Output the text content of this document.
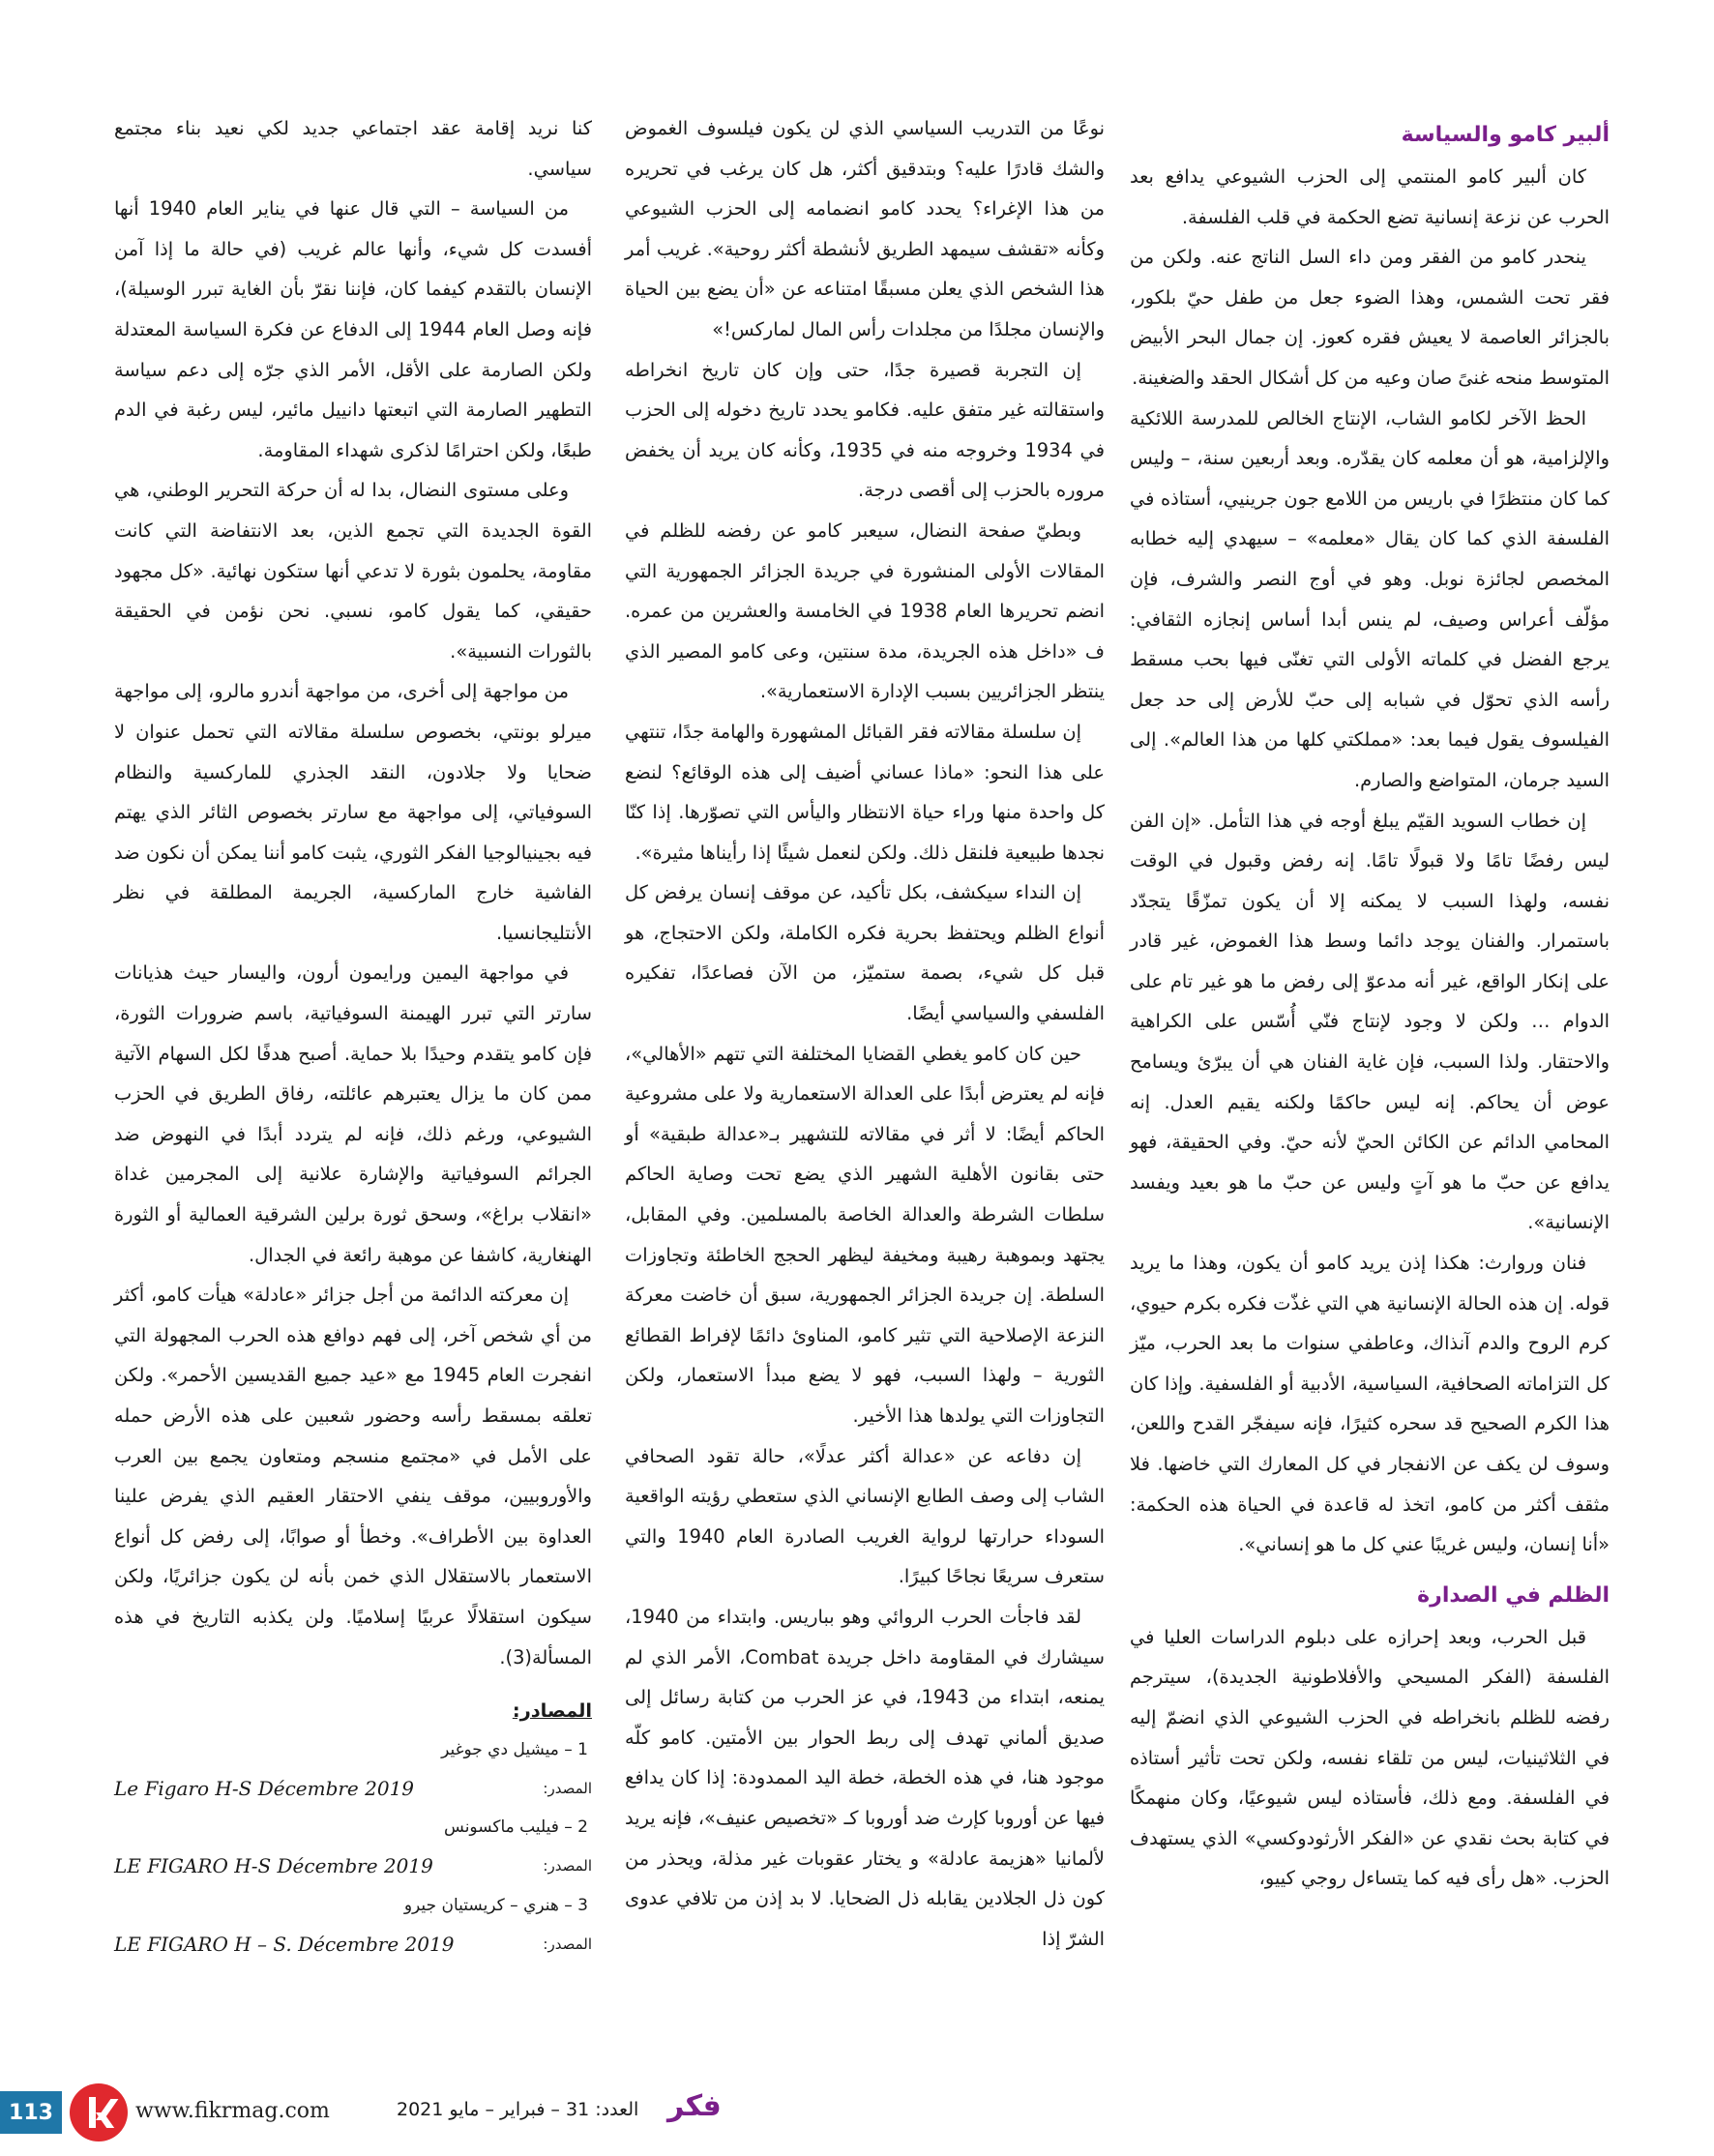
ألبير كامو والسياسة

كان ألبير كامو المنتمي إلى الحزب الشيوعي يدافع بعد الحرب عن نزعة إنسانية تضع الحكمة في قلب الفلسفة.

ينحدر كامو من الفقر ومن داء السل الناتج عنه. ولكن من فقر تحت الشمس، وهذا الضوء جعل من طفل حيّ بلكور، بالجزائر العاصمة لا يعيش فقره كعوز. إن جمال البحر الأبيض المتوسط منحه غنىً صان وعيه من كل أشكال الحقد والضغينة.

الحظ الآخر لكامو الشاب، الإنتاج الخالص للمدرسة اللائكية والإلزامية، هو أن معلمه كان يقدّره. وبعد أربعين سنة، – وليس كما كان منتظرًا في باريس من اللامع جون جرينيي، أستاذه في الفلسفة الذي كما كان يقال «معلمه» – سيهدي إليه خطابه المخصص لجائزة نوبل. وهو في أوج النصر والشرف، فإن مؤلّف أعراس وصيف، لم ينس أبدا أساس إنجازه الثقافي: يرجع الفضل في كلماته الأولى التي تغنّى فيها بحب مسقط رأسه الذي تحوّل في شبابه إلى حبّ للأرض إلى حد جعل الفيلسوف يقول فيما بعد: «مملكتي كلها من هذا العالم». إلى السيد جرمان، المتواضع والصارم.

إن خطاب السويد القيّم يبلغ أوجه في هذا التأمل. «إن الفن ليس رفضًا تامًا ولا قبولًا تامًا. إنه رفض وقبول في الوقت نفسه، ولهذا السبب لا يمكنه إلا أن يكون تمزّقًا يتجدّد باستمرار. والفنان يوجد دائما وسط هذا الغموض، غير قادر على إنكار الواقع، غير أنه مدعوّ إلى رفض ما هو غير تام على الدوام … ولكن لا وجود لإنتاج فنّي أُسّس على الكراهية والاحتقار. ولذا السبب، فإن غاية الفنان هي أن يبرّئ ويسامح عوض أن يحاكم. إنه ليس حاكمًا ولكنه يقيم العدل. إنه المحامي الدائم عن الكائن الحيّ لأنه حيّ. وفي الحقيقة، فهو يدافع عن حبّ ما هو آتٍ وليس عن حبّ ما هو بعيد ويفسد الإنسانية».

فنان وروارث: هكذا إذن يريد كامو أن يكون، وهذا ما يريد قوله. إن هذه الحالة الإنسانية هي التي غذّت فكره بكرم حيوي، كرم الروح والدم آنذاك، وعاطفي سنوات ما بعد الحرب، ميّز كل التزاماته الصحافية، السياسية، الأدبية أو الفلسفية. وإذا كان هذا الكرم الصحيح قد سحره كثيرًا، فإنه سيفجّر القدح واللعن، وسوف لن يكف عن الانفجار في كل المعارك التي خاضها. فلا مثقف أكثر من كامو، اتخذ له قاعدة في الحياة هذه الحكمة: «أنا إنسان، وليس غريبًا عني كل ما هو إنساني».

الظلم في الصدارة

قبل الحرب، وبعد إحرازه على دبلوم الدراسات العليا في الفلسفة (الفكر المسيحي والأفلاطونية الجديدة)، سيترجم رفضه للظلم بانخراطه في الحزب الشيوعي الذي انضمّ إليه في الثلاثينيات، ليس من تلقاء نفسه، ولكن تحت تأثير أستاذه في الفلسفة. ومع ذلك، فأستاذه ليس شيوعيًا، وكان منهمكًا في كتابة بحث نقدي عن «الفكر الأرثودوكسي» الذي يستهدف الحزب. «هل رأى فيه كما يتساءل روجي كييو،

نوعًا من التدريب السياسي الذي لن يكون فيلسوف الغموض والشك قادرًا عليه؟ وبتدقيق أكثر، هل كان يرغب في تحريره من هذا الإغراء؟ يحدد كامو انضمامه إلى الحزب الشيوعي وكأنه «تقشف سيمهد الطريق لأنشطة أكثر روحية». غريب أمر هذا الشخص الذي يعلن مسبقًا امتناعه عن «أن يضع بين الحياة والإنسان مجلدًا من مجلدات رأس المال لماركس!»

إن التجربة قصيرة جدًا، حتى وإن كان تاريخ انخراطه واستقالته غير متفق عليه. فكامو يحدد تاريخ دخوله إلى الحزب في 1934 وخروجه منه في 1935، وكأنه كان يريد أن يخفض مروره بالحزب إلى أقصى درجة.

وبطيّ صفحة النضال، سيعبر كامو عن رفضه للظلم في المقالات الأولى المنشورة في جريدة الجزائر الجمهورية التي انضم تحريرها العام 1938 في الخامسة والعشرين من عمره. ف «داخل هذه الجريدة، مدة سنتين، وعى كامو المصير الذي ينتظر الجزائريين بسبب الإدارة الاستعمارية».

إن سلسلة مقالاته فقر القبائل المشهورة والهامة جدًا، تنتهي على هذا النحو: «ماذا عساني أضيف إلى هذه الوقائع؟ لنضع كل واحدة منها وراء حياة الانتظار واليأس التي تصوّرها. إذا كنّا نجدها طبيعية فلنقل ذلك. ولكن لنعمل شيئًا إذا رأيناها مثيرة».

إن النداء سيكشف، بكل تأكيد، عن موقف إنسان يرفض كل أنواع الظلم ويحتفظ بحرية فكره الكاملة، ولكن الاحتجاج، هو قبل كل شيء، بصمة ستميّز، من الآن فصاعدًا، تفكيره الفلسفي والسياسي أيضًا.

حين كان كامو يغطي القضايا المختلفة التي تتهم «الأهالي»، فإنه لم يعترض أبدًا على العدالة الاستعمارية ولا على مشروعية الحاكم أيضًا: لا أثر في مقالاته للتشهير بـ«عدالة طبقية» أو حتى بقانون الأهلية الشهير الذي يضع تحت وصاية الحاكم سلطات الشرطة والعدالة الخاصة بالمسلمين. وفي المقابل، يجتهد وبموهبة رهيبة ومخيفة ليظهر الحجج الخاطئة وتجاوزات السلطة. إن جريدة الجزائر الجمهورية، سبق أن خاضت معركة النزعة الإصلاحية التي تثير كامو، المناوئ دائمًا لإفراط القطائع الثورية – ولهذا السبب، فهو لا يضع مبدأ الاستعمار، ولكن التجاوزات التي يولدها هذا الأخير.

إن دفاعه عن «عدالة أكثر عدلًا»، حالة تقود الصحافي الشاب إلى وصف الطابع الإنساني الذي ستعطي رؤيته الواقعية السوداء حرارتها لرواية الغريب الصادرة العام 1940 والتي ستعرف سريعًا نجاحًا كبيرًا.

لقد فاجأت الحرب الروائي وهو بباريس. وابتداء من 1940، سيشارك في المقاومة داخل جريدة Combat، الأمر الذي لم يمنعه، ابتداء من 1943، في عز الحرب من كتابة رسائل إلى صديق ألماني تهدف إلى ربط الحوار بين الأمتين. كامو كلّه موجود هنا، في هذه الخطة، خطة اليد الممدودة: إذا كان يدافع فيها عن أوروبا كإرث ضد أوروبا كـ «تخصيص عنيف»، فإنه يريد لألمانيا «هزيمة عادلة» و يختار عقوبات غير مذلة، ويحذر من كون ذل الجلادين يقابله ذل الضحايا. لا بد إذن من تلافي عدوى الشرّ إذا

كنا نريد إقامة عقد اجتماعي جديد لكي نعيد بناء مجتمع سياسي.

من السياسة – التي قال عنها في يناير العام 1940 أنها أفسدت كل شيء، وأنها عالم غريب (في حالة ما إذا آمن الإنسان بالتقدم كيفما كان، فإننا نقرّ بأن الغاية تبرر الوسيلة)، فإنه وصل العام 1944 إلى الدفاع عن فكرة السياسة المعتدلة ولكن الصارمة على الأقل، الأمر الذي جرّه إلى دعم سياسة التطهير الصارمة التي اتبعتها دانييل مائير، ليس رغبة في الدم طبعًا، ولكن احترامًا لذكرى شهداء المقاومة.

وعلى مستوى النضال، بدا له أن حركة التحرير الوطني، هي القوة الجديدة التي تجمع الذين، بعد الانتفاضة التي كانت مقاومة، يحلمون بثورة لا تدعي أنها ستكون نهائية. «كل مجهود حقيقي، كما يقول كامو، نسبي. نحن نؤمن في الحقيقة بالثورات النسبية».

من مواجهة إلى أخرى، من مواجهة أندرو مالرو، إلى مواجهة ميرلو بونتي، بخصوص سلسلة مقالاته التي تحمل عنوان لا ضحايا ولا جلادون، النقد الجذري للماركسية والنظام السوفياتي، إلى مواجهة مع سارتر بخصوص الثائر الذي يهتم فيه بجينيالوجيا الفكر الثوري، يثبت كامو أننا يمكن أن نكون ضد الفاشية خارج الماركسية، الجريمة المطلقة في نظر الأنتليجانسيا.

في مواجهة اليمين ورايمون أرون، واليسار حيث هذيانات سارتر التي تبرر الهيمنة السوفياتية، باسم ضرورات الثورة، فإن كامو يتقدم وحيدًا بلا حماية. أصبح هدفًا لكل السهام الآتية ممن كان ما يزال يعتبرهم عائلته، رفاق الطريق في الحزب الشيوعي، ورغم ذلك، فإنه لم يتردد أبدًا في النهوض ضد الجرائم السوفياتية والإشارة علانية إلى المجرمين غداة «انقلاب براغ»، وسحق ثورة برلين الشرقية العمالية أو الثورة الهنغارية، كاشفا عن موهبة رائعة في الجدال.

إن معركته الدائمة من أجل جزائر «عادلة» هيأت كامو، أكثر من أي شخص آخر، إلى فهم دوافع هذه الحرب المجهولة التي انفجرت العام 1945 مع «عيد جميع القديسين الأحمر». ولكن تعلقه بمسقط رأسه وحضور شعبين على هذه الأرض حمله على الأمل في «مجتمع منسجم ومتعاون يجمع بين العرب والأوروبيين، موقف ينفي الاحتقار العقيم الذي يفرض علينا العداوة بين الأطراف». وخطأ أو صوابًا، إلى رفض كل أنواع الاستعمار بالاستقلال الذي خمن بأنه لن يكون جزائريًا، ولكن سيكون استقلالًا عربيًا إسلاميًا. ولن يكذبه التاريخ في هذه المسألة(3).

المصادر:

1 – ميشيل دي جوغير

المصدر:
Le Figaro H-S Décembre 2019

2 – فيليب ماكسونس

المصدر:
LE FIGARO H-S Décembre 2019

3 – هنري – كريستيان جيرو

المصدر:
LE FIGARO H – S. Décembre 2019
113	www.fikrmag.com	العدد: 31 – فبراير – مايو 2021 فكر
